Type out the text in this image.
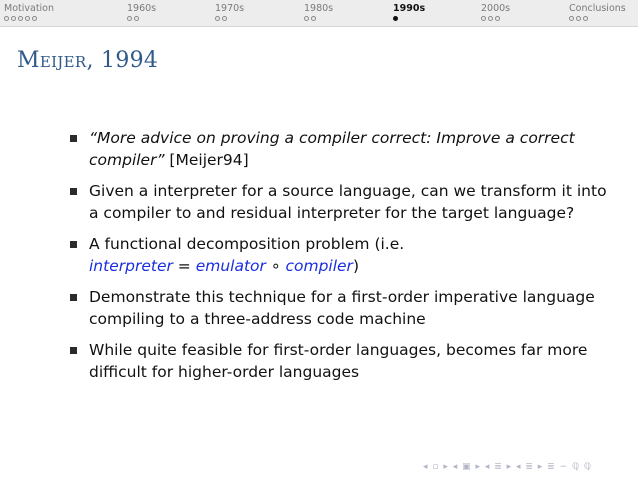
Motivation	1960s	1970s	1980s	1990s	2000s	Conclusions
Meijer, 1994
“More advice on proving a compiler correct: Improve a correct compiler” [Meijer94]
Given a interpreter for a source language, can we transform it into a compiler to and residual interpreter for the target language?
A functional decomposition problem (i.e.
interpreter = emulator ∘ compiler)
Demonstrate this technique for a first-order imperative language compiling to a three-address code machine
While quite feasible for first-order languages, becomes far more difficult for higher-order languages
◂ ▫ ▸ ◂ ▣ ▸ ◂ ≣ ▸ ◂ ≣ ▸ ≣ ∽ ℚ ℚ
